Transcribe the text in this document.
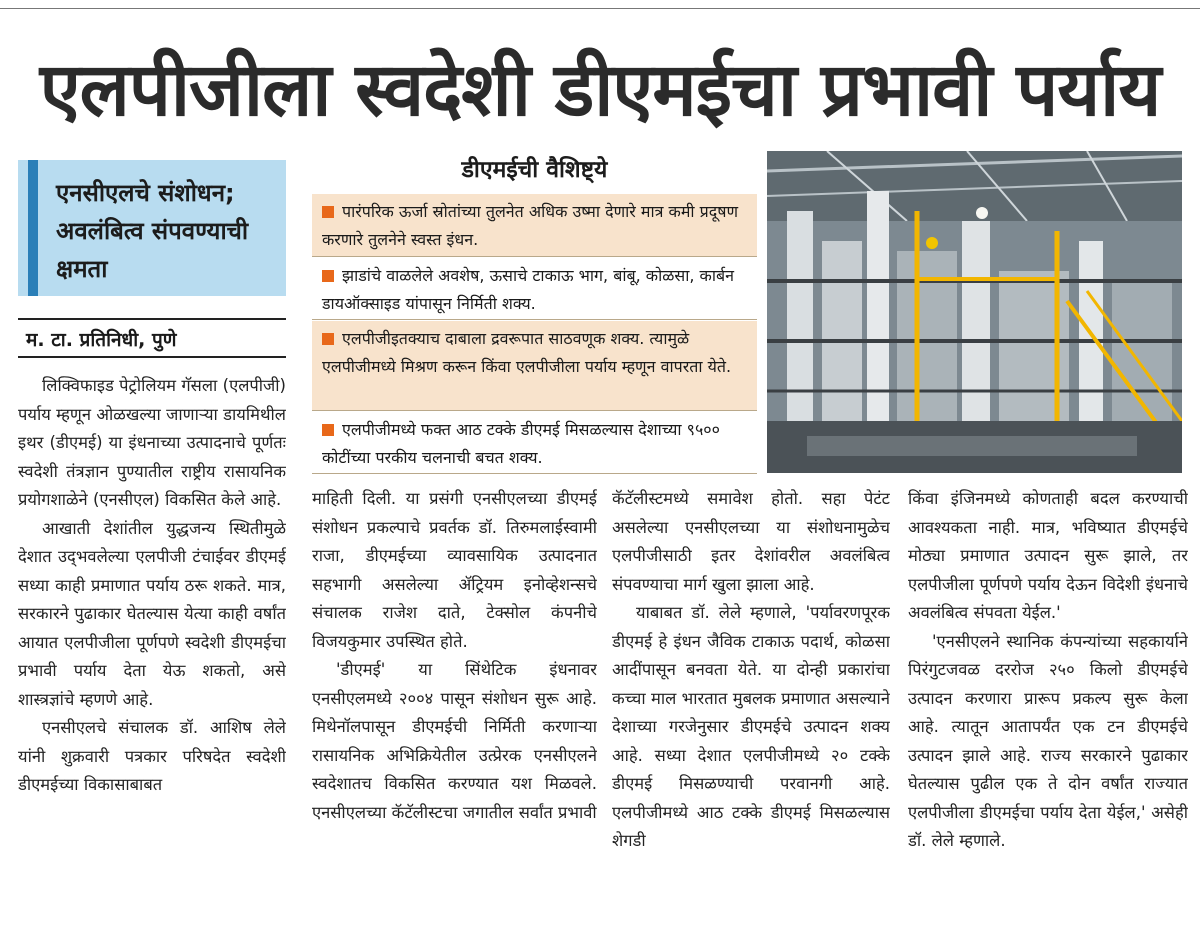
एलपीजीला स्वदेशी डीएमईचा प्रभावी पर्याय
एनसीएलचे संशोधन; अवलंबित्व संपवण्याची क्षमता
म. टा. प्रतिनिधी, पुणे

लिक्विफाइड पेट्रोलियम गॅसला (एलपीजी) पर्याय म्हणून ओळखल्या जाणाऱ्या डायमिथील इथर (डीएमई) या इंधनाच्या उत्पादनाचे पूर्णतः स्वदेशी तंत्रज्ञान पुण्यातील राष्ट्रीय रासायनिक प्रयोगशाळेने (एनसीएल) विकसित केले आहे.

आखाती देशांतील युद्धजन्य स्थितीमुळे देशात उद्‌भवलेल्या एलपीजी टंचाईवर डीएमई सध्या काही प्रमाणात पर्याय ठरू शकते. मात्र, सरकारने पुढाकार घेतल्यास येत्या काही वर्षांत आयात एलपीजीला पूर्णपणे स्वदेशी डीएमईचा प्रभावी पर्याय देता येऊ शकतो, असे शास्त्रज्ञांचे म्हणणे आहे.

एनसीएलचे संचालक डॉ. आशिष लेले यांनी शुक्रवारी पत्रकार परिषदेत स्वदेशी डीएमईच्या विकासाबाबत

डीएमईची वैशिष्ट्ये
पारंपरिक ऊर्जा स्रोतांच्या तुलनेत अधिक उष्मा देणारे मात्र कमी प्रदूषण करणारे तुलनेने स्वस्त इंधन.
झाडांचे वाळलेले अवशेष, ऊसाचे टाकाऊ भाग, बांबू, कोळसा, कार्बन डायऑक्साइड यांपासून निर्मिती शक्य.
एलपीजीइतक्याच दाबाला द्रवरूपात साठवणूक शक्य. त्यामुळे एलपीजीमध्ये मिश्रण करून किंवा एलपीजीला पर्याय म्हणून वापरता येते.
एलपीजीमध्ये फक्त आठ टक्के डीएमई मिसळल्यास देशाच्या ९५०० कोटींच्या परकीय चलनाची बचत शक्य.

माहिती दिली. या प्रसंगी एनसीएलच्या डीएमई संशोधन प्रकल्पाचे प्रवर्तक डॉ. तिरुमलाईस्वामी राजा, डीएमईच्या व्यावसायिक उत्पादनात सहभागी असलेल्या ॲट्रियम इनोव्हेशन्सचे संचालक राजेश दाते, टेक्सोल कंपनीचे विजयकुमार उपस्थित होते.

'डीएमई' या सिंथेटिक इंधनावर एनसीएलमध्ये २००४ पासून संशोधन सुरू आहे. मिथेनॉलपासून डीएमईची निर्मिती करणाऱ्या रासायनिक अभिक्रियेतील उत्प्रेरक एनसीएलने स्वदेशातच विकसित करण्यात यश मिळवले. एनसीएलच्या कॅटॅलीस्टचा जगातील सर्वांत प्रभावी

कॅटॅलीस्टमध्ये समावेश होतो. सहा पेटंट असलेल्या एनसीएलच्या या संशोधनामुळेच एलपीजीसाठी इतर देशांवरील अवलंबित्व संपवण्याचा मार्ग खुला झाला आहे.

याबाबत डॉ. लेले म्हणाले, 'पर्यावरणपूरक डीएमई हे इंधन जैविक टाकाऊ पदार्थ, कोळसा आदींपासून बनवता येते. या दोन्ही प्रकारांचा कच्चा माल भारतात मुबलक प्रमाणात असल्याने देशाच्या गरजेनुसार डीएमईचे उत्पादन शक्य आहे. सध्या देशात एलपीजीमध्ये २० टक्के डीएमई मिसळण्याची परवानगी आहे. एलपीजीमध्ये आठ टक्के डीएमई मिसळल्यास शेगडी

किंवा इंजिनमध्ये कोणताही बदल करण्याची आवश्यकता नाही. मात्र, भविष्यात डीएमईचे मोठ्या प्रमाणात उत्पादन सुरू झाले, तर एलपीजीला पूर्णपणे पर्याय देऊन विदेशी इंधनाचे अवलंबित्व संपवता येईल.'

'एनसीएलने स्थानिक कंपन्यांच्या सहकार्याने पिरंगुटजवळ दररोज २५० किलो डीएमईचे उत्पादन करणारा प्रारूप प्रकल्प सुरू केला आहे. त्यातून आतापर्यंत एक टन डीएमईचे उत्पादन झाले आहे. राज्य सरकारने पुढाकार घेतल्यास पुढील एक ते दोन वर्षांत राज्यात एलपीजीला डीएमईचा पर्याय देता येईल,' असेही डॉ. लेले म्हणाले.
